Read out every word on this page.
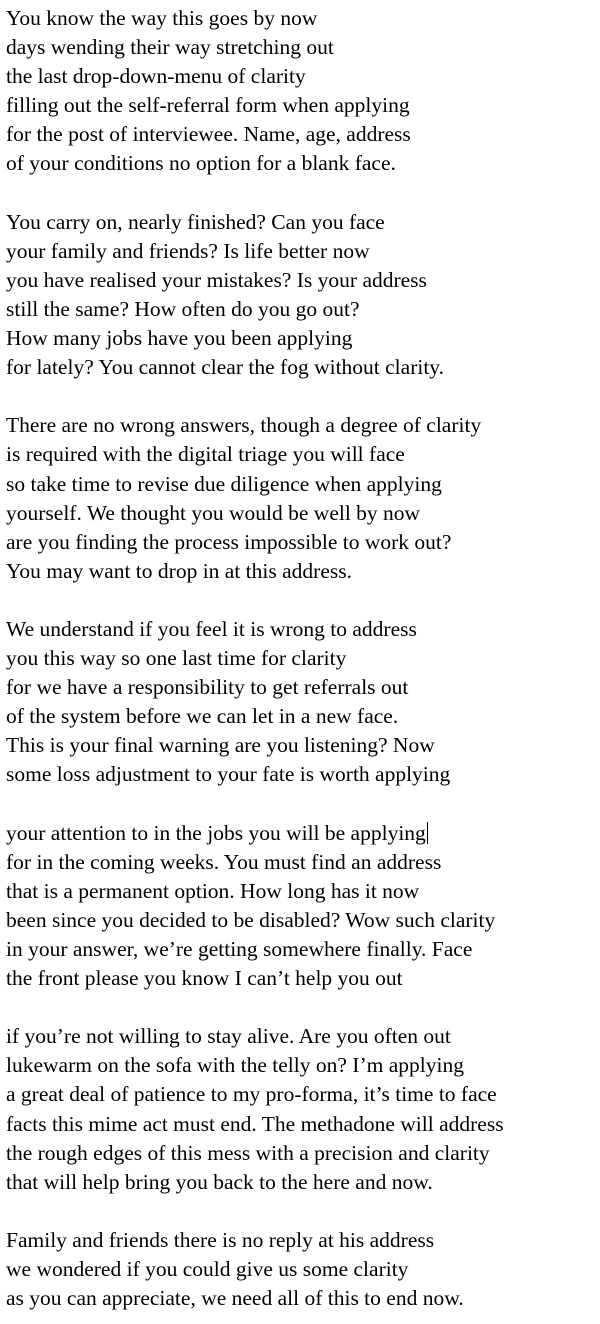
You know the way this goes by now
days wending their way stretching out
the last drop-down-menu of clarity
filling out the self-referral form when applying
for the post of interviewee. Name, age, address
of your conditions no option for a blank face.
You carry on, nearly finished? Can you face
your family and friends? Is life better now
you have realised your mistakes? Is your address
still the same? How often do you go out?
How many jobs have you been applying
for lately? You cannot clear the fog without clarity.
There are no wrong answers, though a degree of clarity
is required with the digital triage you will face
so take time to revise due diligence when applying
yourself. We thought you would be well by now
are you finding the process impossible to work out?
You may want to drop in at this address.
We understand if you feel it is wrong to address
you this way so one last time for clarity
for we have a responsibility to get referrals out
of the system before we can let in a new face.
This is your final warning are you listening? Now
some loss adjustment to your fate is worth applying
your attention to in the jobs you will be applying
for in the coming weeks. You must find an address
that is a permanent option. How long has it now
been since you decided to be disabled? Wow such clarity
in your answer, we’re getting somewhere finally. Face
the front please you know I can’t help you out
if you’re not willing to stay alive. Are you often out
lukewarm on the sofa with the telly on? I’m applying
a great deal of patience to my pro-forma, it’s time to face
facts this mime act must end. The methadone will address
the rough edges of this mess with a precision and clarity
that will help bring you back to the here and now.
Family and friends there is no reply at his address
we wondered if you could give us some clarity
as you can appreciate, we need all of this to end now.
